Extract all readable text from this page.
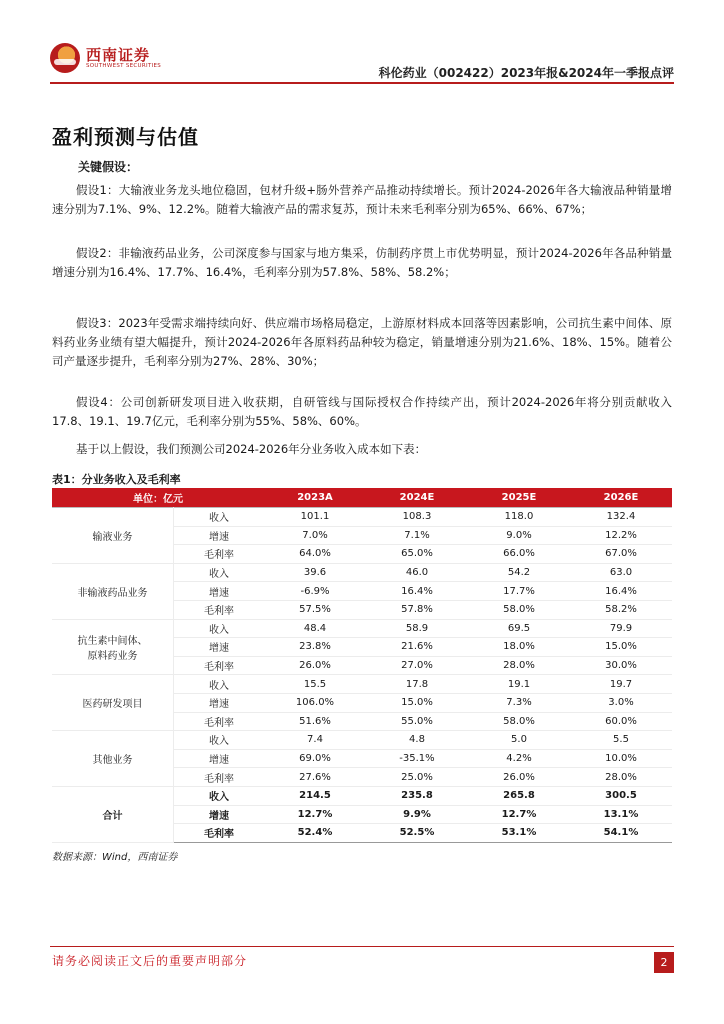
西南证券
SOUTHWEST SECURITIES
科伦药业（002422）2023年报&2024年一季报点评
盈利预测与估值
关键假设：
假设1：大输液业务龙头地位稳固，包材升级+肠外营养产品推动持续增长。预计2024-2026年各大输液品种销量增速分别为7.1%、9%、12.2%。随着大输液产品的需求复苏，预计未来毛利率分别为65%、66%、67%；
假设2：非输液药品业务，公司深度参与国家与地方集采，仿制药序贯上市优势明显，预计2024-2026年各品种销量增速分别为16.4%、17.7%、16.4%，毛利率分别为57.8%、58%、58.2%；
假设3：2023年受需求端持续向好、供应端市场格局稳定，上游原材料成本回落等因素影响，公司抗生素中间体、原料药业务业绩有望大幅提升，预计2024-2026年各原料药品种较为稳定，销量增速分别为21.6%、18%、15%。随着公司产量逐步提升，毛利率分别为27%、28%、30%；
假设4：公司创新研发项目进入收获期，自研管线与国际授权合作持续产出，预计2024-2026年将分别贡献收入17.8、19.1、19.7亿元，毛利率分别为55%、58%、60%。
基于以上假设，我们预测公司2024-2026年分业务收入成本如下表：
表1：分业务收入及毛利率
单位：亿元		2023A	2024E	2025E	2026E
输液业务	收入	101.1	108.3	118.0	132.4
	增速	7.0%	7.1%	9.0%	12.2%
	毛利率	64.0%	65.0%	66.0%	67.0%
非输液药品业务	收入	39.6	46.0	54.2	63.0
	增速	-6.9%	16.4%	17.7%	16.4%
	毛利率	57.5%	57.8%	58.0%	58.2%

抗生素中间体、
原料药业务	收入	48.4	58.9	69.5	79.9
	增速	23.8%	21.6%	18.0%	15.0%
	毛利率	26.0%	27.0%	28.0%	30.0%
医药研发项目	收入	15.5	17.8	19.1	19.7
	增速	106.0%	15.0%	7.3%	3.0%
	毛利率	51.6%	55.0%	58.0%	60.0%
其他业务	收入	7.4	4.8	5.0	5.5
	增速	69.0%	-35.1%	4.2%	10.0%
	毛利率	27.6%	25.0%	26.0%	28.0%
合计	收入	214.5	235.8	265.8	300.5
	增速	12.7%	9.9%	12.7%	13.1%
	毛利率	52.4%	52.5%	53.1%	54.1%
数据来源：Wind，西南证券
请务必阅读正文后的重要声明部分	2
